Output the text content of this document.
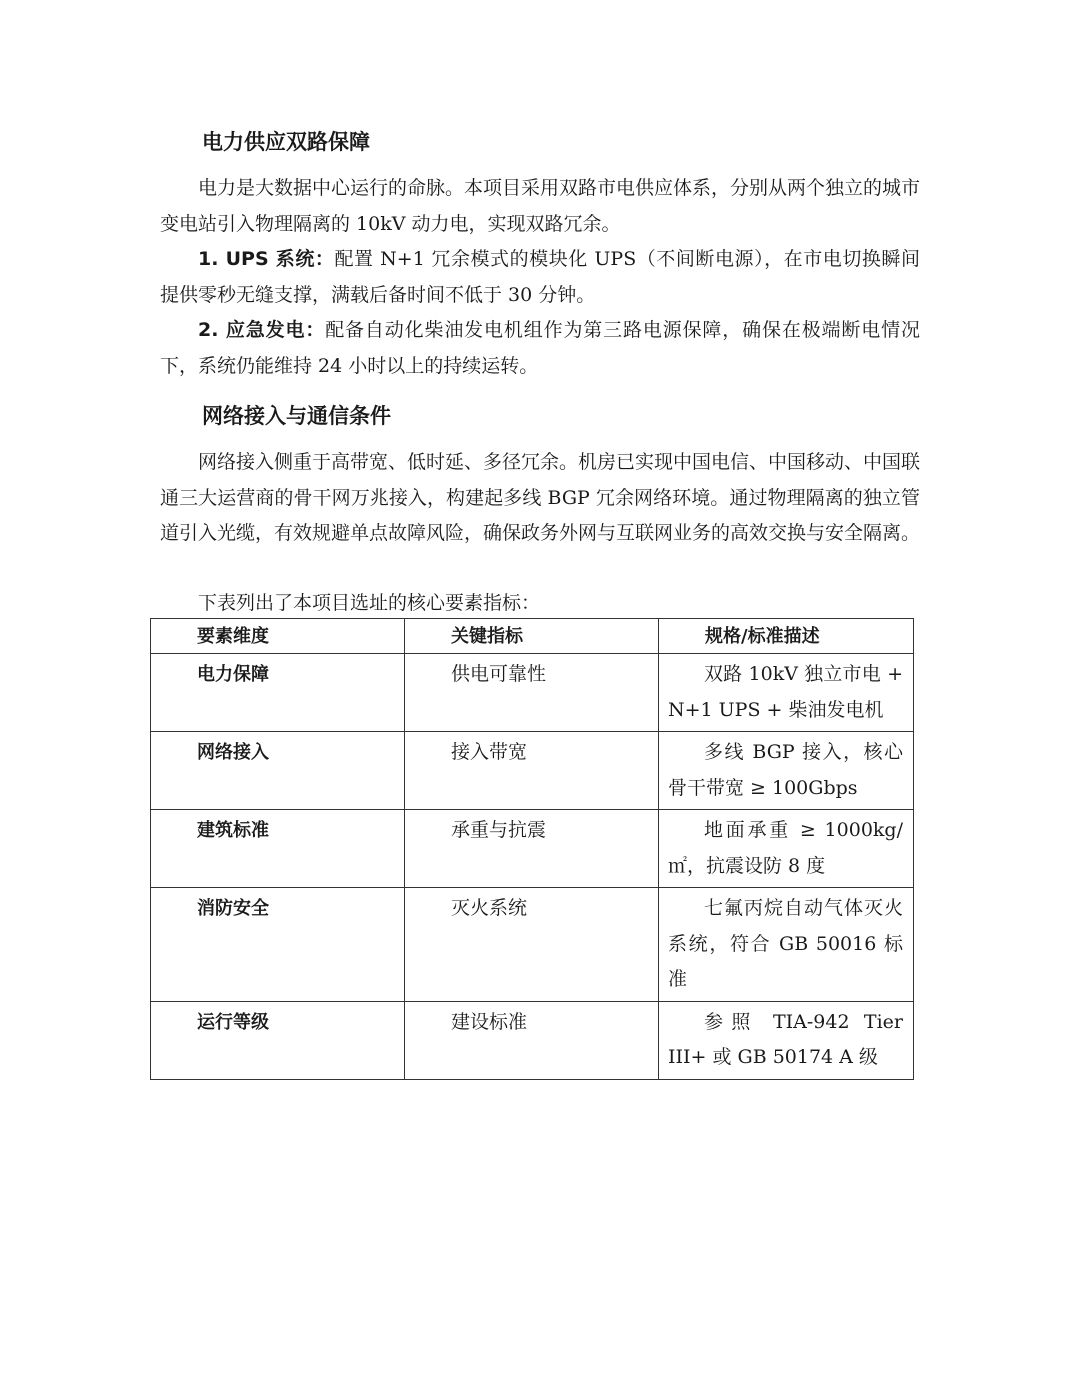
电力供应双路保障

电力是大数据中心运行的命脉。本项目采用双路市电供应体系，分别从两个独立的城市变电站引入物理隔离的 10kV 动力电，实现双路冗余。

1. UPS 系统：配置 N+1 冗余模式的模块化 UPS（不间断电源），在市电切换瞬间提供零秒无缝支撑，满载后备时间不低于 30 分钟。

2. 应急发电：配备自动化柴油发电机组作为第三路电源保障，确保在极端断电情况下，系统仍能维持 24 小时以上的持续运转。

网络接入与通信条件

网络接入侧重于高带宽、低时延、多径冗余。机房已实现中国电信、中国移动、中国联通三大运营商的骨干网万兆接入，构建起多线 BGP 冗余网络环境。通过物理隔离的独立管道引入光缆，有效规避单点故障风险，确保政务外网与互联网业务的高效交换与安全隔离。

下表列出了本项目选址的核心要素指标：
要素维度	关键指标	规格/标准描述
电力保障	供电可靠性	双路 10kV 独立市电 + N+1 UPS + 柴油发电机
网络接入	接入带宽	多线 BGP 接入，核心骨干带宽 ≥ 100Gbps
建筑标准	承重与抗震	地面承重 ≥ 1000kg/㎡，抗震设防 8 度
消防安全	灭火系统	七氟丙烷自动气体灭火系统，符合 GB 50016 标准
运行等级	建设标准	参照 TIA-942 Tier III+ 或 GB 50174 A 级
